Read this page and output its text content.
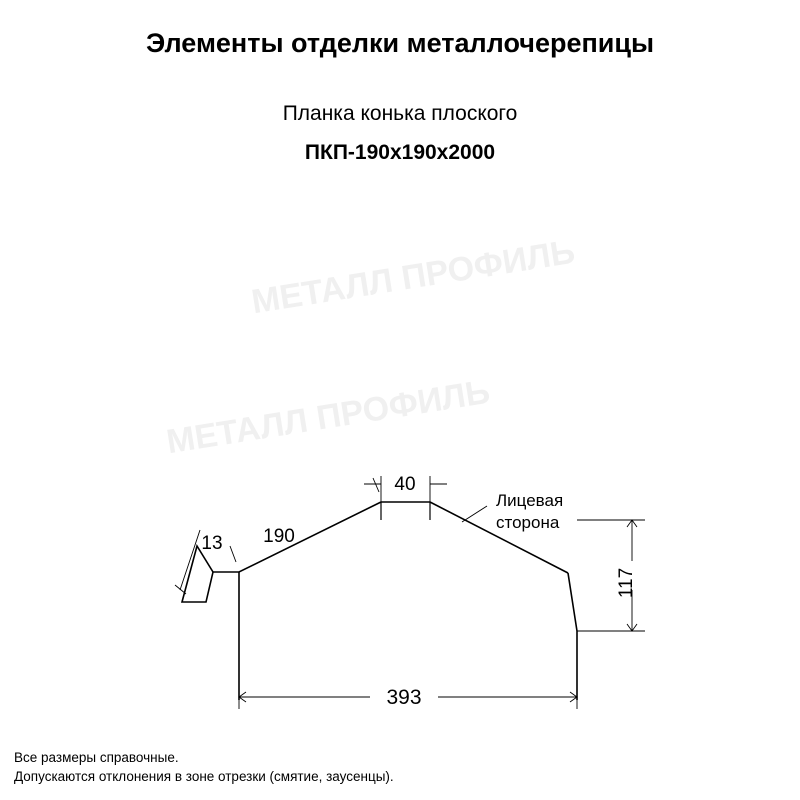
Элементы отделки металлочерепицы
Планка конька плоского
ПКП-190х190х2000
МЕТАЛЛ ПРОФИЛЬ
МЕТАЛЛ ПРОФИЛЬ
40
190
13
Лицевая
сторона
117
393
Все размеры справочные.
Допускаются отклонения в зоне отрезки (смятие, заусенцы).
